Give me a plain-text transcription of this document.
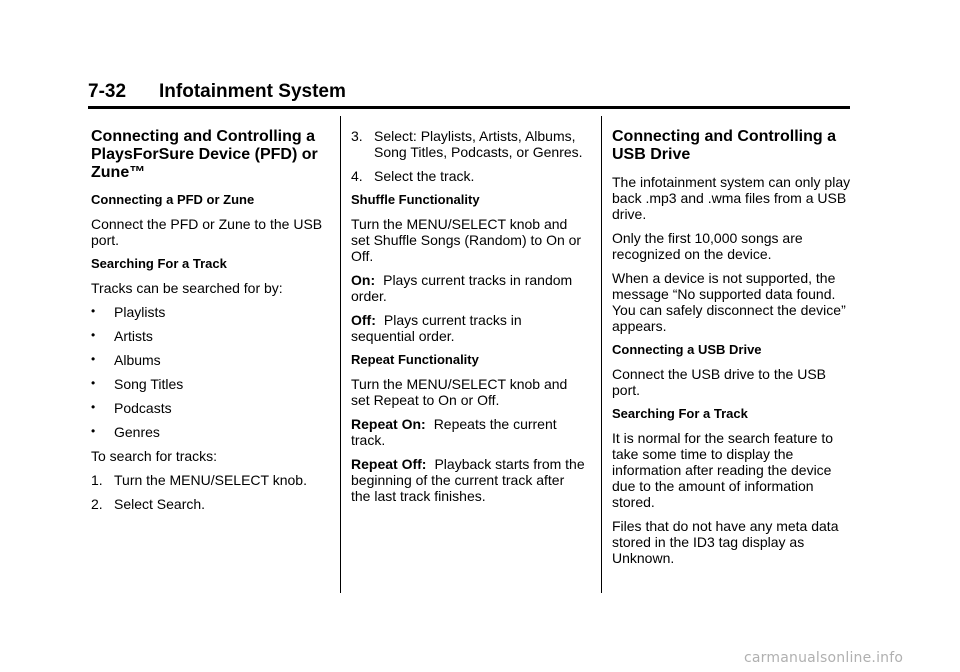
7-32 Infotainment System
Connecting and Controlling a PlaysForSure Device (PFD) or Zune™
Connecting a PFD or Zune

Connect the PFD or Zune to the USB port.

Searching For a Track

Tracks can be searched for by:

• Playlists
• Artists
• Albums
• Song Titles
• Podcasts
• Genres

To search for tracks:

1. Turn the MENU/SELECT knob.
2. Select Search.
3. Select: Playlists, Artists, Albums, Song Titles, Podcasts, or Genres.
4. Select the track.
Shuffle Functionality

Turn the MENU/SELECT knob and set Shuffle Songs (Random) to On or Off.

On: Plays current tracks in random order.

Off: Plays current tracks in sequential order.

Repeat Functionality

Turn the MENU/SELECT knob and set Repeat to On or Off.

Repeat On: Repeats the current track.

Repeat Off: Playback starts from the beginning of the current track after the last track finishes.

Connecting and Controlling a USB Drive

The infotainment system can only play back .mp3 and .wma files from a USB drive.

Only the first 10,000 songs are recognized on the device.

When a device is not supported, the message “No supported data found. You can safely disconnect the device” appears.

Connecting a USB Drive

Connect the USB drive to the USB port.

Searching For a Track

It is normal for the search feature to take some time to display the information after reading the device due to the amount of information stored.

Files that do not have any meta data stored in the ID3 tag display as Unknown.

carmanualsonline.info
